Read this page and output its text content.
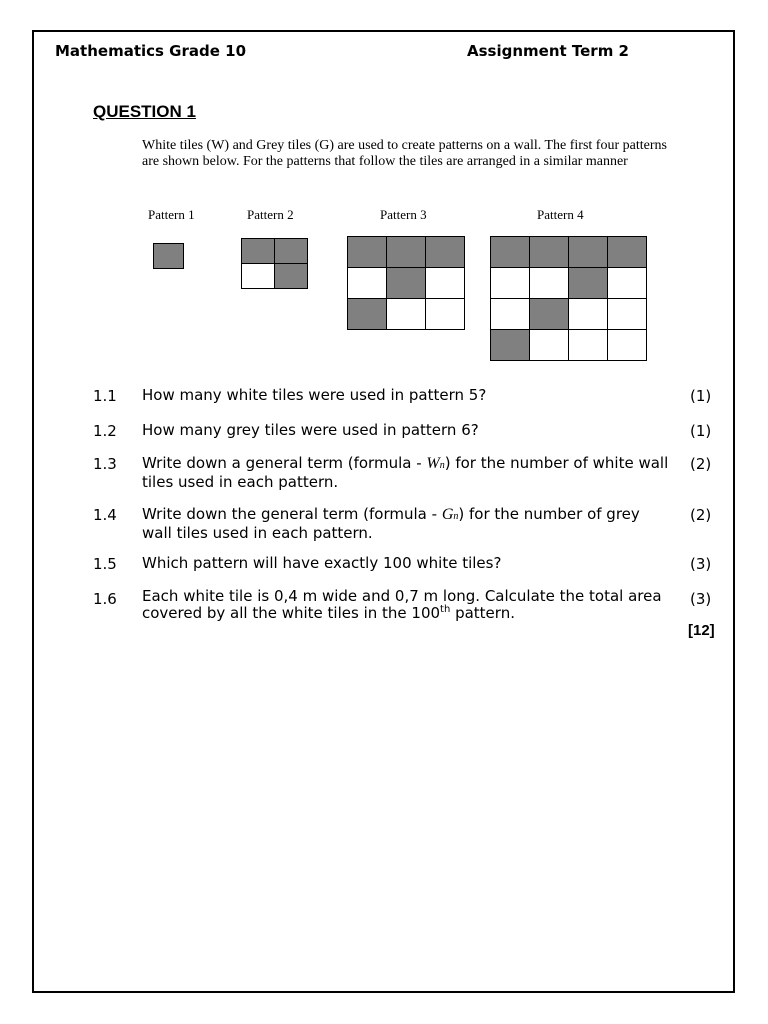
Mathematics Grade 10	Assignment Term 2
QUESTION 1
White tiles (W) and Grey tiles (G) are used to create patterns on a wall. The first four patterns are shown below. For the patterns that follow the tiles are arranged in a similar manner
Pattern 1	Pattern 2	Pattern 3	Pattern 4

1.1 How many white tiles were used in pattern 5?	(1)
1.2 How many grey tiles were used in pattern 6?	(1)
1.3 Write down a general term (formula - Wn) for the number of white wall tiles used in each pattern.
(2)
1.4 Write down the general term (formula - Gn) for the number of grey wall tiles used in each pattern.
(2)
1.5 Which pattern will have exactly 100 white tiles?	(3)
1.6 Each white tile is 0,4 m wide and 0,7 m long. Calculate the total area covered by all the white tiles in the 100th pattern.
(3)
[12]
